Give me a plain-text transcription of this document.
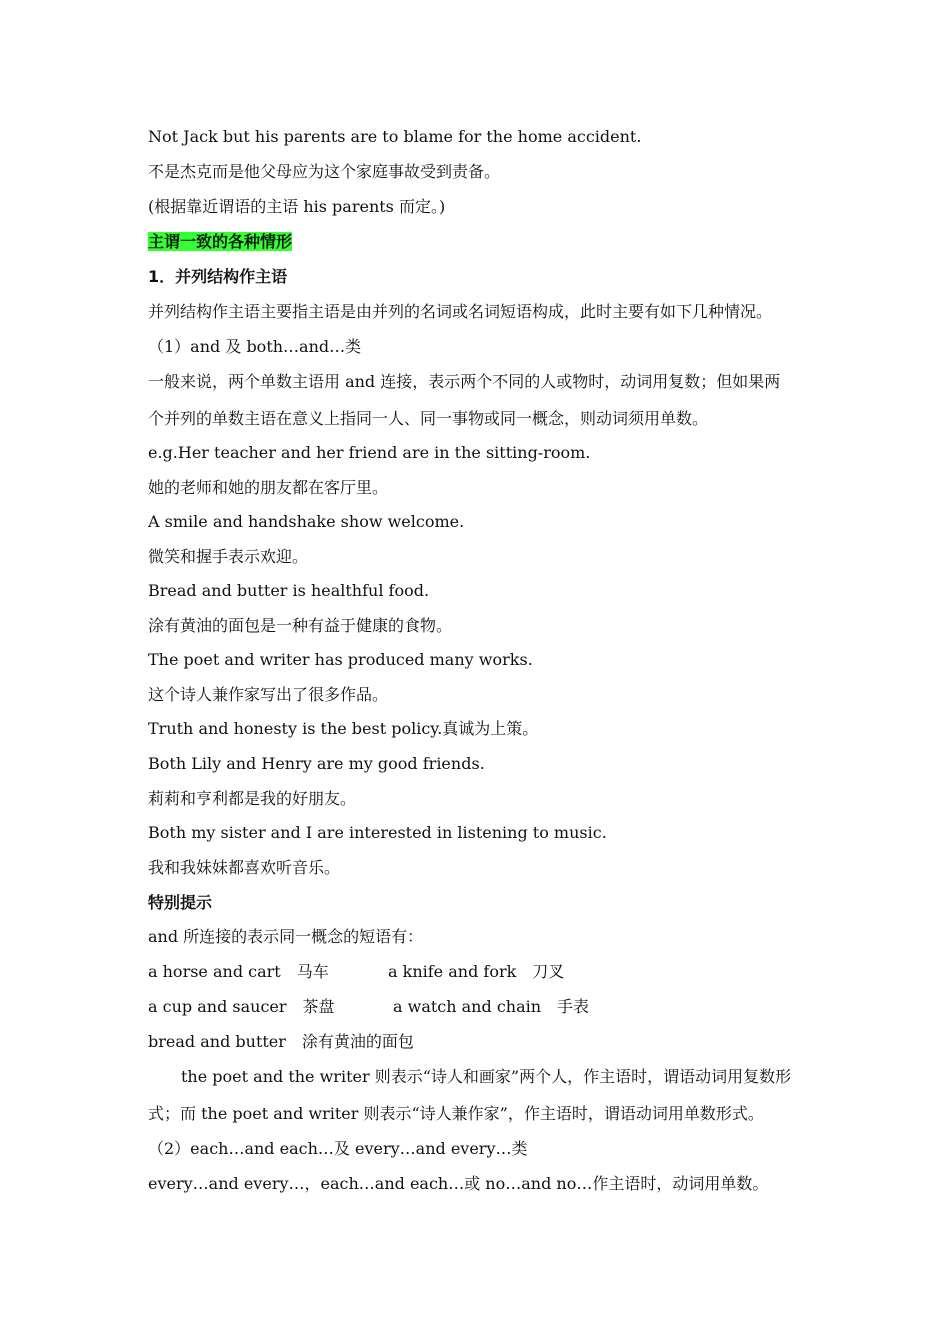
Not Jack but his parents are to blame for the home accident.
不是杰克而是他父母应为这个家庭事故受到责备。
(根据靠近谓语的主语 his parents 而定。)
主谓一致的各种情形
1．并列结构作主语
并列结构作主语主要指主语是由并列的名词或名词短语构成，此时主要有如下几种情况。
（1）and 及 both…and…类
一般来说，两个单数主语用 and 连接，表示两个不同的人或物时，动词用复数；但如果两
个并列的单数主语在意义上指同一人、同一事物或同一概念，则动词须用单数。
e.g.Her teacher and her friend are in the sitting-room.
她的老师和她的朋友都在客厅里。
A smile and handshake show welcome.
微笑和握手表示欢迎。
Bread and butter is healthful food.
涂有黄油的面包是一种有益于健康的食物。
The poet and writer has produced many works.
这个诗人兼作家写出了很多作品。
Truth and honesty is the best policy.真诚为上策。
Both Lily and Henry are my good friends.
莉莉和亨利都是我的好朋友。
Both my sister and I are interested in listening to music.
我和我妹妹都喜欢听音乐。
特别提示
and 所连接的表示同一概念的短语有：
a horse and cart　马车	a knife and fork　刀叉
a cup and saucer　茶盘	a watch and chain　手表
bread and butter　涂有黄油的面包
the poet and the writer 则表示“诗人和画家”两个人，作主语时，谓语动词用复数形
式；而 the poet and writer 则表示“诗人兼作家”，作主语时，谓语动词用单数形式。
（2）each…and each…及 every…and every…类
every…and every…，each…and each…或 no…and no…作主语时，动词用单数。
